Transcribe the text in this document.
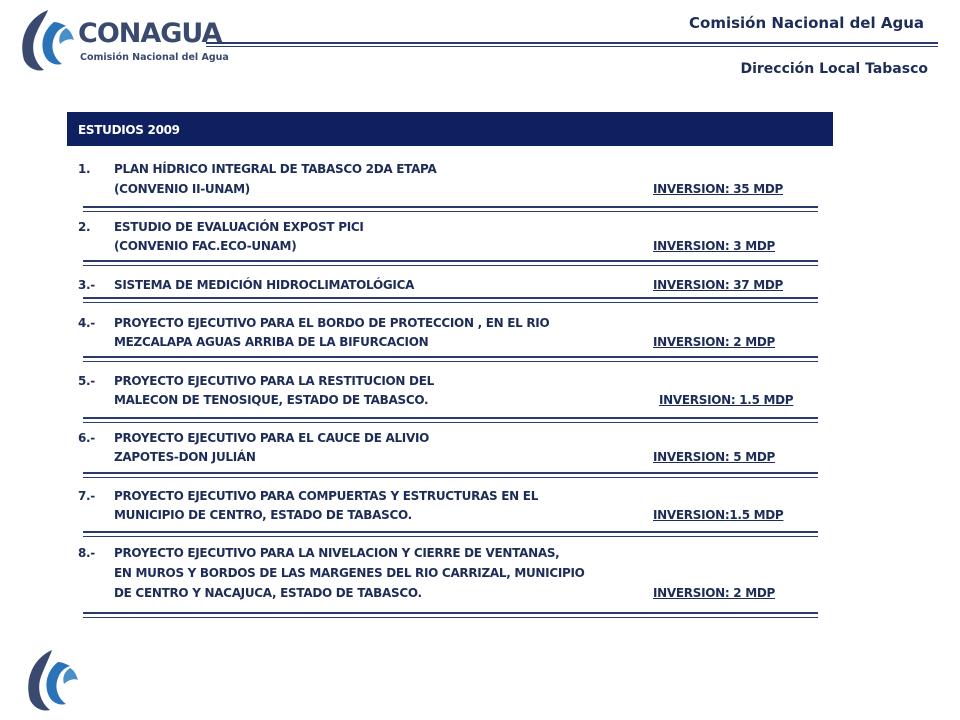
CONAGUA
Comisión Nacional del Agua
Comisión Nacional del Agua
Dirección Local Tabasco
ESTUDIOS 2009
1. PLAN HÍDRICO INTEGRAL DE TABASCO 2DA ETAPA
(CONVENIO II-UNAM)	INVERSION: 35 MDP
2. ESTUDIO DE EVALUACIÓN EXPOST PICI
(CONVENIO FAC.ECO-UNAM)	INVERSION: 3 MDP
3.- SISTEMA DE MEDICIÓN HIDROCLIMATOLÓGICA	INVERSION: 37 MDP
4.- PROYECTO EJECUTIVO PARA EL BORDO DE PROTECCION , EN EL RIO
MEZCALAPA AGUAS ARRIBA DE LA BIFURCACION	INVERSION: 2 MDP
5.- PROYECTO EJECUTIVO PARA LA RESTITUCION DEL
MALECON DE TENOSIQUE, ESTADO DE TABASCO.	INVERSION: 1.5 MDP
6.- PROYECTO EJECUTIVO PARA EL CAUCE DE ALIVIO
ZAPOTES-DON JULIÁN	INVERSION: 5 MDP
7.- PROYECTO EJECUTIVO PARA COMPUERTAS Y ESTRUCTURAS EN EL
MUNICIPIO DE CENTRO, ESTADO DE TABASCO.	INVERSION:1.5 MDP
8.- PROYECTO EJECUTIVO PARA LA NIVELACION Y CIERRE DE VENTANAS,
EN MUROS Y BORDOS DE LAS MARGENES DEL RIO CARRIZAL, MUNICIPIO
DE CENTRO Y NACAJUCA, ESTADO DE TABASCO.	INVERSION: 2 MDP
